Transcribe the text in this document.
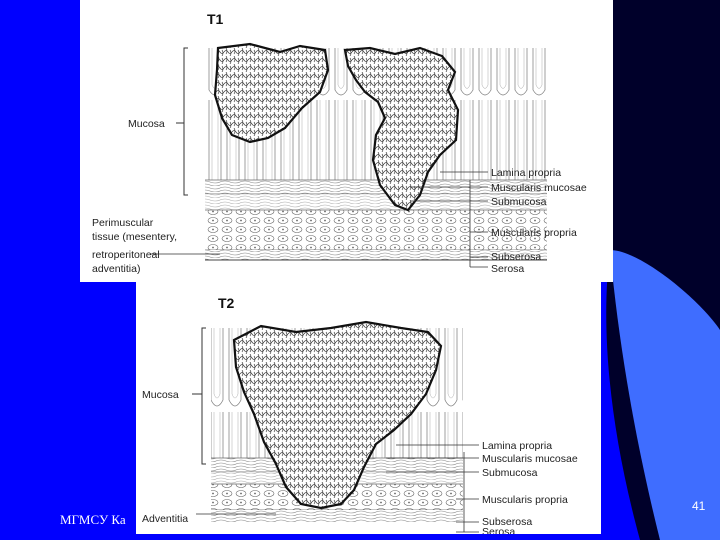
T1
Mucosa
Perimuscular
tissue (mesentery,
retroperitoneal
adventitia)
Lamina propria
Muscularis mucosae
Submucosa
Muscularis propria
Subserosa
Serosa
T2
Mucosa
Adventitia
Lamina propria
Muscularis mucosae
Submucosa
Muscularis propria
Subserosa
Serosa
МГМСУ Ка
41
